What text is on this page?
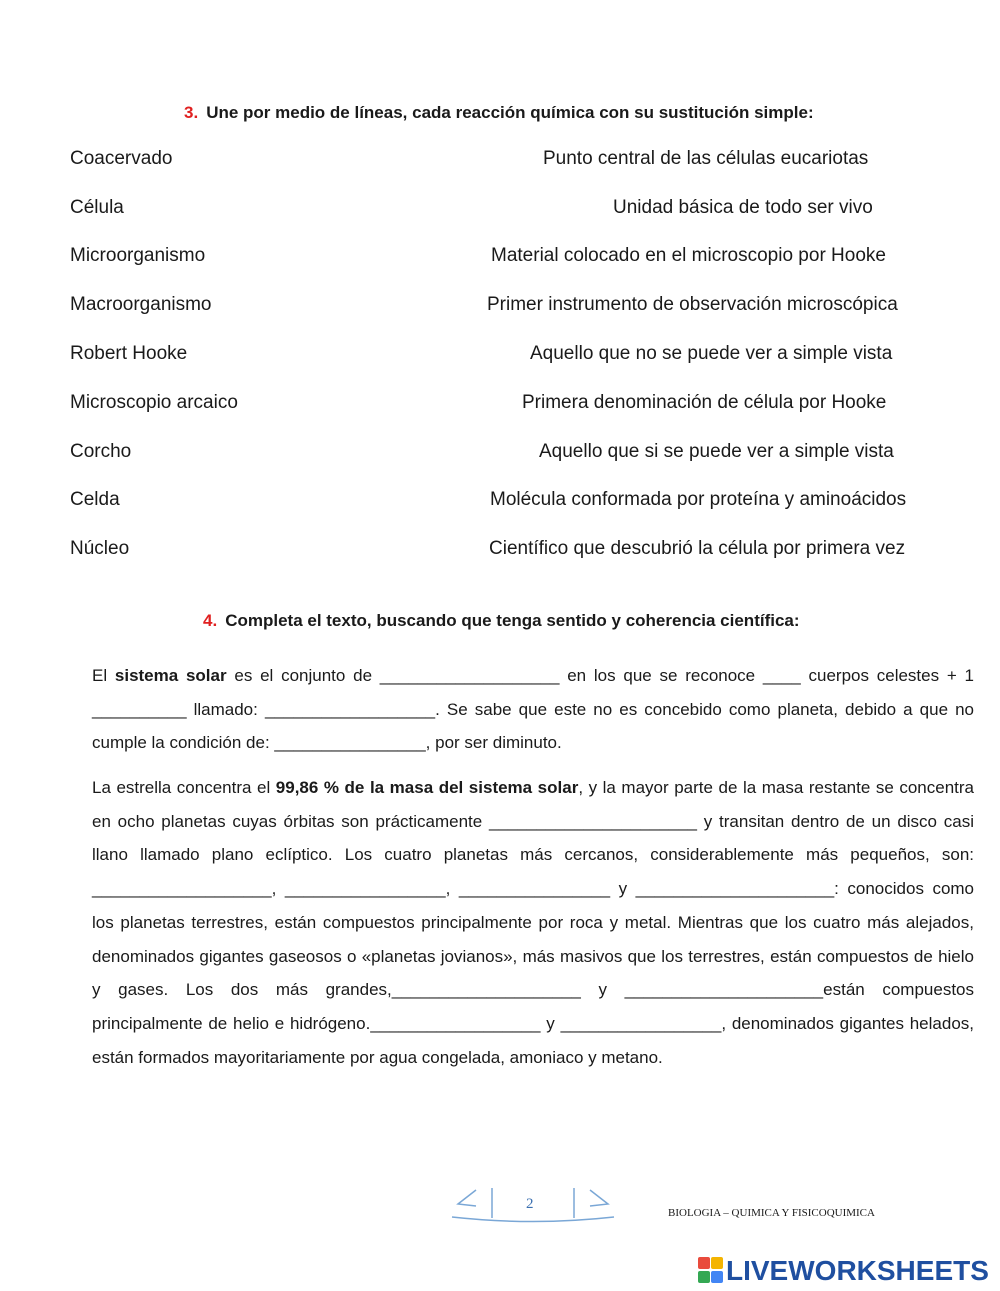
3. Une por medio de líneas, cada reacción química con su sustitución simple:
Coacervado
Célula
Microorganismo
Macroorganismo
Robert Hooke
Microscopio arcaico
Corcho
Celda
Núcleo
Punto central de las células eucariotas
Unidad básica de todo ser vivo
Material colocado en el microscopio por Hooke
Primer instrumento de observación microscópica
Aquello que no se puede ver a simple vista
Primera denominación de célula por Hooke
Aquello que si se puede ver a simple vista
Molécula conformada por proteína y aminoácidos
Científico que descubrió la célula por primera vez
4. Completa el texto, buscando que tenga sentido y coherencia científica:
El sistema solar es el conjunto de ___________________ en los que se reconoce ____ cuerpos celestes + 1 __________ llamado: __________________. Se sabe que este no es concebido como planeta, debido a que no cumple la condición de: ________________, por ser diminuto.
La estrella concentra el 99,86 % de la masa del sistema solar, y la mayor parte de la masa restante se concentra en ocho planetas cuyas órbitas son prácticamente ______________________ y transitan dentro de un disco casi llano llamado plano eclíptico. Los cuatro planetas más cercanos, considerablemente más pequeños, son: ___________________, _________________, ________________ y _____________________: conocidos como los planetas terrestres, están compuestos principalmente por roca y metal. Mientras que los cuatro más alejados, denominados gigantes gaseosos o «planetas jovianos», más masivos que los terrestres, están compuestos de hielo y gases. Los dos más grandes,____________________ y _____________________están compuestos principalmente de helio e hidrógeno.__________________ y _________________, denominados gigantes helados, están formados mayoritariamente por agua congelada, amoniaco y metano.
2
BIOLOGIA – QUIMICA Y FISICOQUIMICA
LIVEWORKSHEETS
